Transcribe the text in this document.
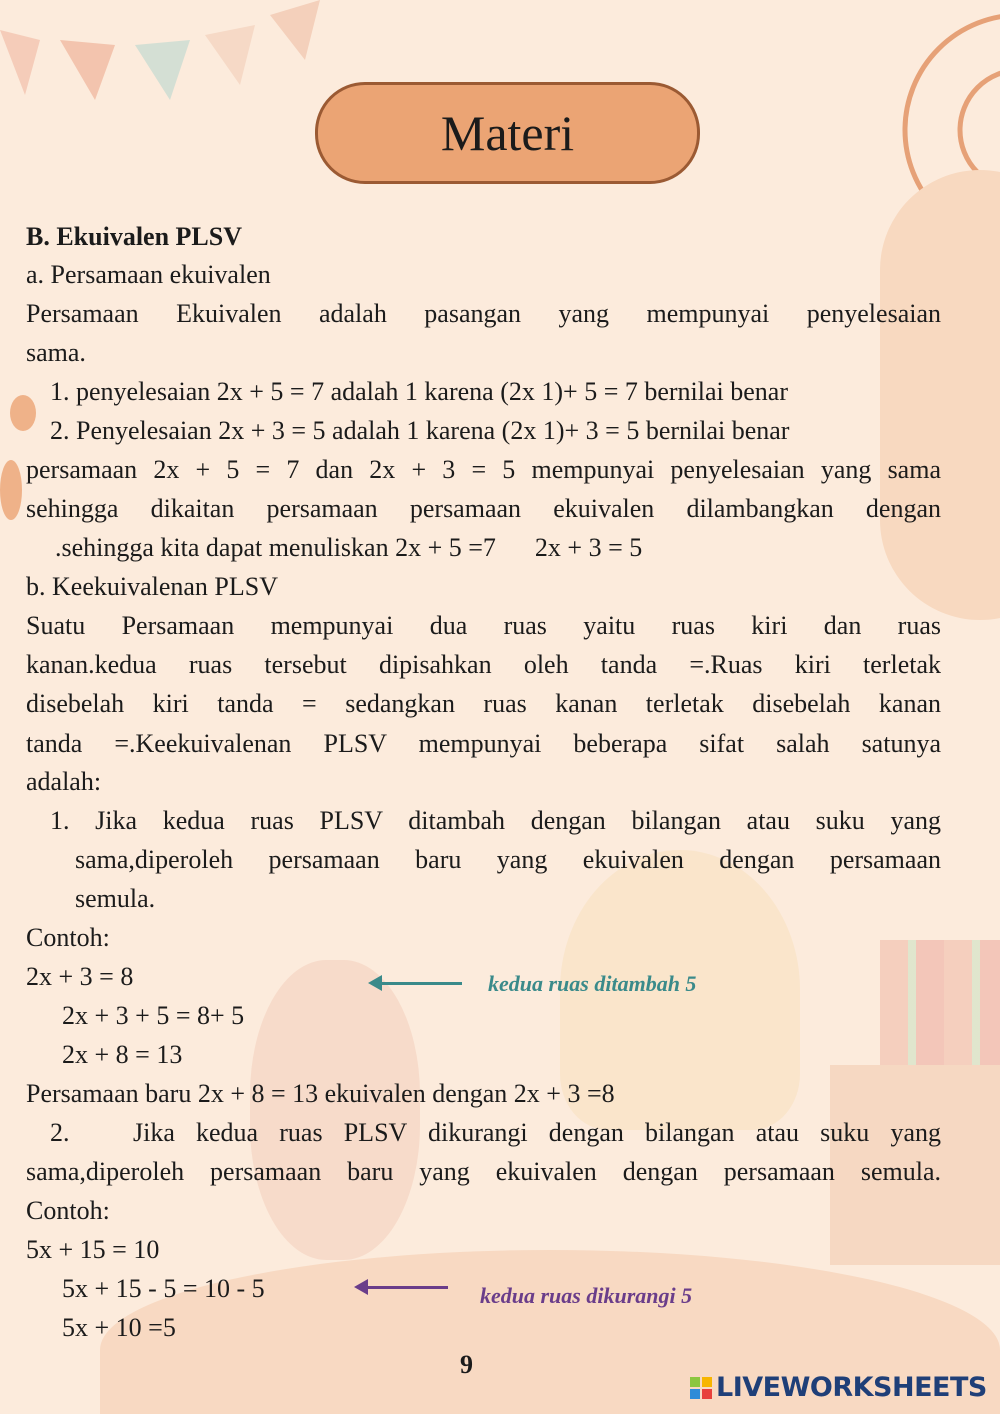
Materi
B. Ekuivalen PLSV
a. Persamaan ekuivalen
Persamaan Ekuivalen adalah pasangan yang mempunyai penyelesaian
sama.
1. penyelesaian 2x + 5 = 7 adalah 1 karena (2x 1)+ 5 = 7 bernilai benar
2. Penyelesaian 2x + 3 = 5 adalah 1 karena (2x 1)+ 3 = 5 bernilai benar
persamaan 2x + 5 = 7 dan 2x + 3 = 5 mempunyai penyelesaian yang sama
sehingga dikaitan persamaan persamaan ekuivalen dilambangkan dengan
.sehingga kita dapat menuliskan 2x + 5 =7      2x + 3 = 5
b. Keekuivalenan PLSV
Suatu Persamaan mempunyai dua ruas yaitu ruas kiri dan ruas
kanan.kedua ruas tersebut dipisahkan oleh tanda =.Ruas kiri terletak
disebelah kiri tanda = sedangkan ruas kanan terletak disebelah kanan
tanda =.Keekuivalenan PLSV mempunyai beberapa sifat salah satunya
adalah:
1. Jika kedua ruas PLSV ditambah dengan bilangan atau suku yang
sama,diperoleh persamaan baru yang ekuivalen dengan persamaan
semula.
Contoh:
2x + 3 = 8
2x + 3 + 5 = 8+ 5
2x + 8 = 13
Persamaan baru 2x + 8 = 13 ekuivalen dengan 2x + 3 =8
2.   Jika kedua ruas PLSV dikurangi dengan bilangan atau suku yang
sama,diperoleh persamaan baru yang ekuivalen dengan persamaan semula.
Contoh:
5x + 15 = 10
5x + 15 - 5 = 10 - 5
5x + 10 =5
kedua ruas ditambah 5
kedua ruas dikurangi 5
9
LIVEWORKSHEETS
